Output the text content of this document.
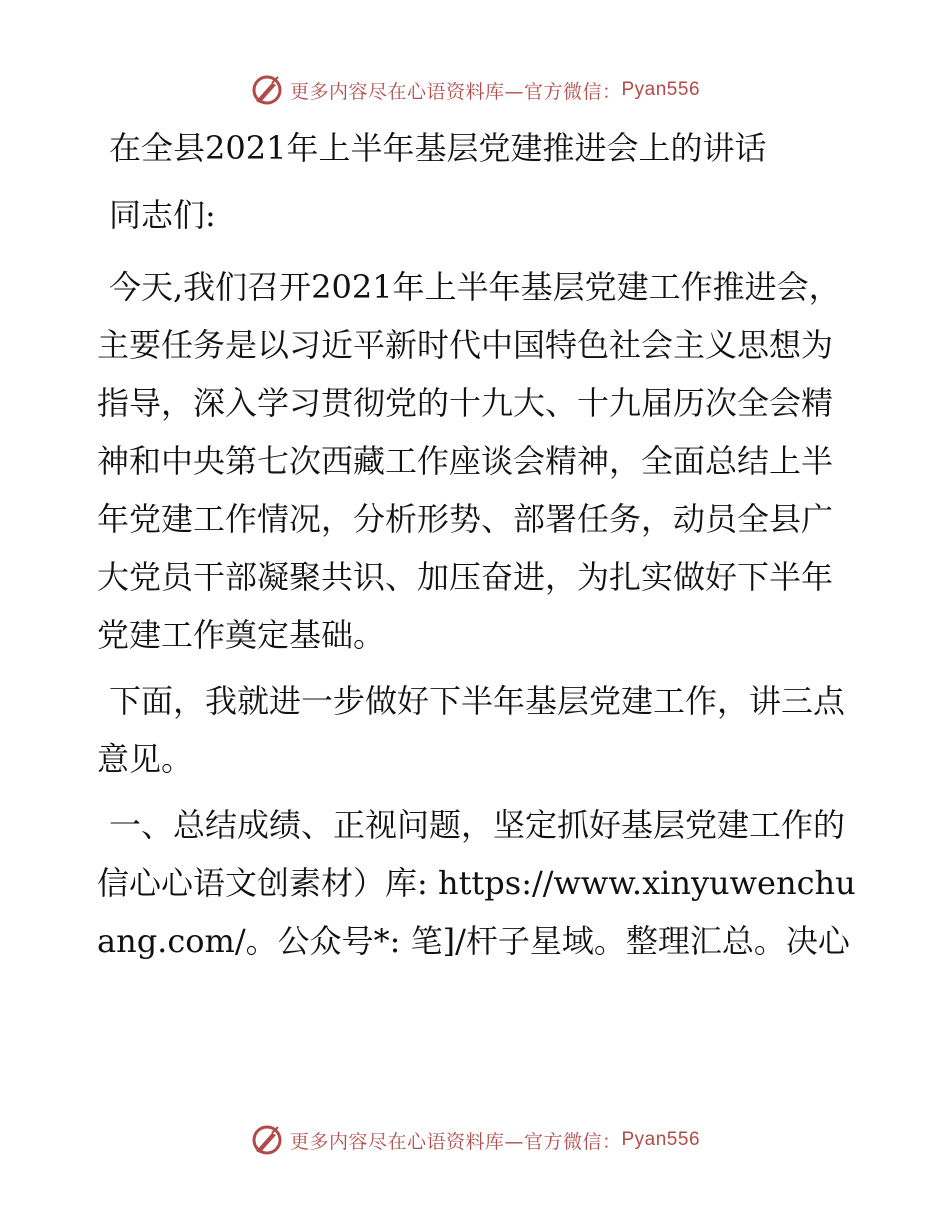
更多内容尽在心语资料库—官方微信： Pyan556
在全县2021年上半年基层党建推进会上的讲话

同志们:

今天,我们召开2021年上半年基层党建工作推进会，主要任务是以习近平新时代中国特色社会主义思想为指导，深入学习贯彻党的十九大、十九届历次全会精神和中央第七次西藏工作座谈会精神，全面总结上半年党建工作情况，分析形势、部署任务，动员全县广大党员干部凝聚共识、加压奋进，为扎实做好下半年党建工作奠定基础。

下面，我就进一步做好下半年基层党建工作，讲三点意见。

一、总结成绩、正视问题，坚定抓好基层党建工作的信心心语文创素材）库: https://www.xinyuwenchuang.com/。公众号*: 笔]/杆子星域。整理汇总。决心

更多内容尽在心语资料库—官方微信： Pyan556
